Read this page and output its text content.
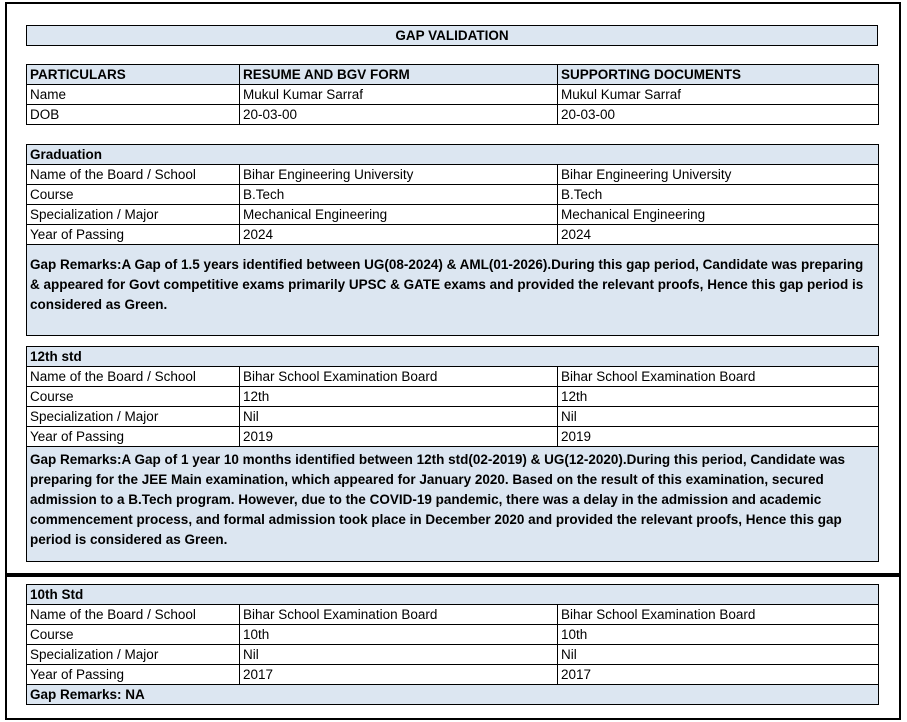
GAP VALIDATION
PARTICULARS	RESUME AND BGV FORM	SUPPORTING DOCUMENTS
Name	Mukul Kumar Sarraf	Mukul Kumar Sarraf
DOB	20-03-00	20-03-00
Graduation		
Name of the Board / School	Bihar Engineering University	Bihar Engineering University
Course	B.Tech	B.Tech
Specialization / Major	Mechanical Engineering	Mechanical Engineering
Year of Passing	2024	2024
Gap Remarks:A Gap of 1.5 years identified between UG(08-2024) & AML(01-2026).During this gap period, Candidate was preparing & appeared for Govt competitive exams primarily UPSC & GATE exams and provided the relevant proofs, Hence this gap period is considered as Green.		
12th std		
Name of the Board / School	Bihar School Examination Board	Bihar School Examination Board
Course	12th	12th
Specialization / Major	Nil	Nil
Year of Passing	2019	2019
Gap Remarks:A Gap of 1 year 10 months identified between 12th std(02-2019) & UG(12-2020).During this period, Candidate was preparing for the JEE Main examination, which appeared for January 2020. Based on the result of this examination, secured admission to a B.Tech program. However, due to the COVID-19 pandemic, there was a delay in the admission and academic commencement process, and formal admission took place in December 2020 and provided the relevant proofs, Hence this gap period is considered as Green.		
10th Std		
Name of the Board / School	Bihar School Examination Board	Bihar School Examination Board
Course	10th	10th
Specialization / Major	Nil	Nil
Year of Passing	2017	2017
Gap Remarks: NA		
